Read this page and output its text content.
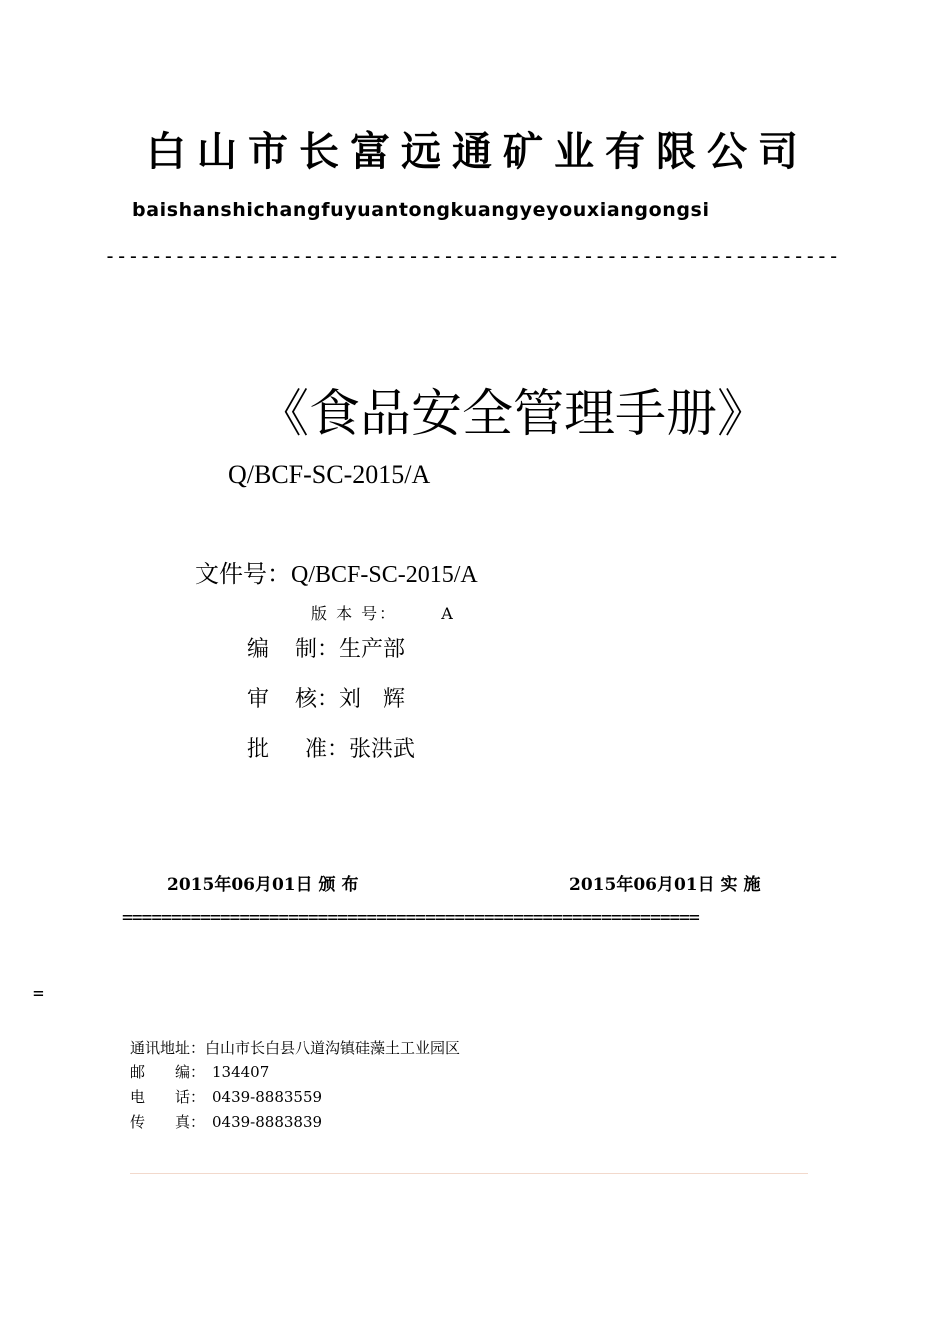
白山市长富远通矿业有限公司
baishanshichangfuyuantongkuangyeyouxiangongsi
---------------------------------------------------------------
《食品安全管理手册》
Q/BCF-SC-2015/A
文件号：Q/BCF-SC-2015/A
版 本 号：	A
编 制：生产部
审 核：刘　辉
批 准：张洪武
2015年06月01日 颁 布	2015年06月01日 实 施
===========================================================
=
通讯地址：白山市长白县八道沟镇硅藻土工业园区
邮　　编： 134407
电　　话： 0439-8883559
传　　真： 0439-8883839
